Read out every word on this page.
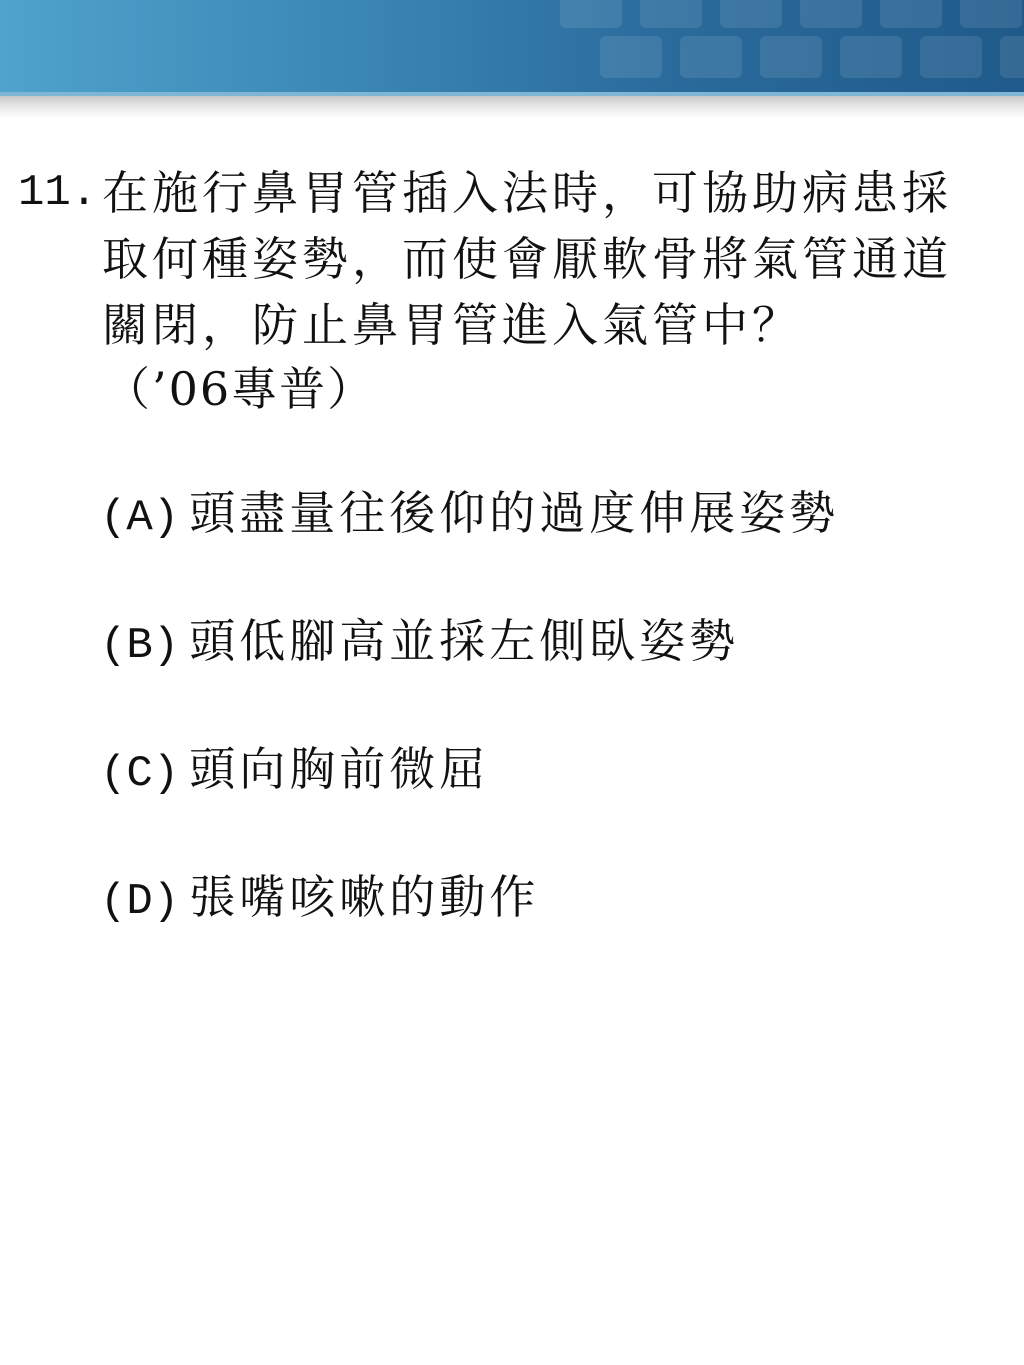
11. 在施行鼻胃管插入法時，可協助病患採
取何種姿勢，而使會厭軟骨將氣管通道
關閉，防止鼻胃管進入氣管中？
（’06專普）
(A) 頭盡量往後仰的過度伸展姿勢
(B) 頭低腳高並採左側臥姿勢
(C) 頭向胸前微屈
(D) 張嘴咳嗽的動作
